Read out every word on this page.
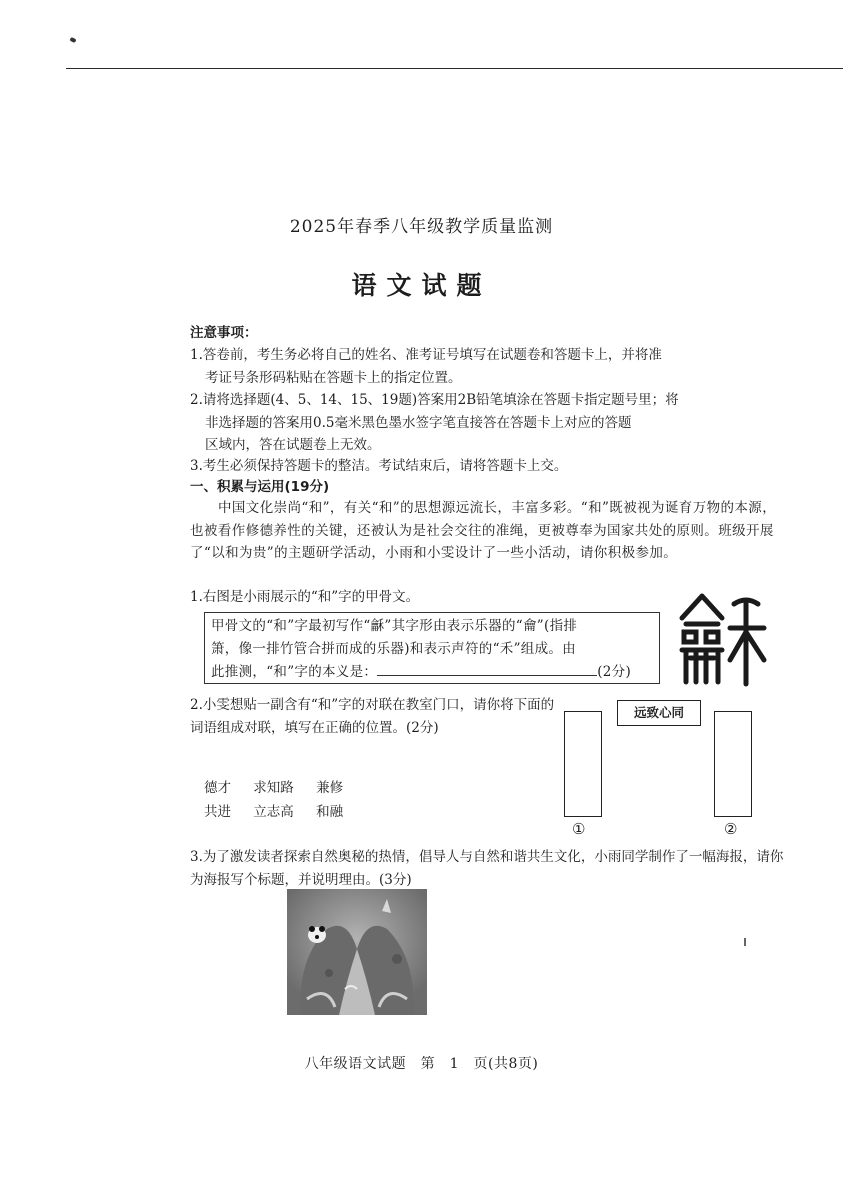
2025年春季八年级教学质量监测
语文试题
注意事项：
1.答卷前，考生务必将自己的姓名、准考证号填写在试题卷和答题卡上，并将准
考证号条形码粘贴在答题卡上的指定位置。
2.请将选择题(4、5、14、15、19题)答案用2B铅笔填涂在答题卡指定题号里；将
非选择题的答案用0.5毫米黑色墨水签字笔直接答在答题卡上对应的答题
区域内，答在试题卷上无效。
3.考生必须保持答题卡的整洁。考试结束后，请将答题卡上交。
一、积累与运用(19分)
中国文化崇尚“和”，有关“和”的思想源远流长，丰富多彩。“和”既被视为诞育万物的本源，也被看作修德养性的关键，还被认为是社会交往的准绳，更被尊奉为国家共处的原则。班级开展了“以和为贵”的主题研学活动，小雨和小雯设计了一些小活动，请你积极参加。
1.右图是小雨展示的“和”字的甲骨文。
甲骨文的“和”字最初写作“龢”其字形由表示乐器的“龠”(指排
箫，像一排竹管合拼而成的乐器)和表示声符的“禾”组成。由
此推测，“和”字的本义是：	(2分)
2.小雯想贴一副含有“和”字的对联在教室门口，请你将下面的词语组成对联，填写在正确的位置。(2分)
德才 求知路 兼修
共进 立志高 和融
远致心同
①	②
3.为了激发读者探索自然奥秘的热情，倡导人与自然和谐共生文化，小雨同学制作了一幅海报，请你为海报写个标题，并说明理由。(3分)
八年级语文试题　第　1　页(共8页)
